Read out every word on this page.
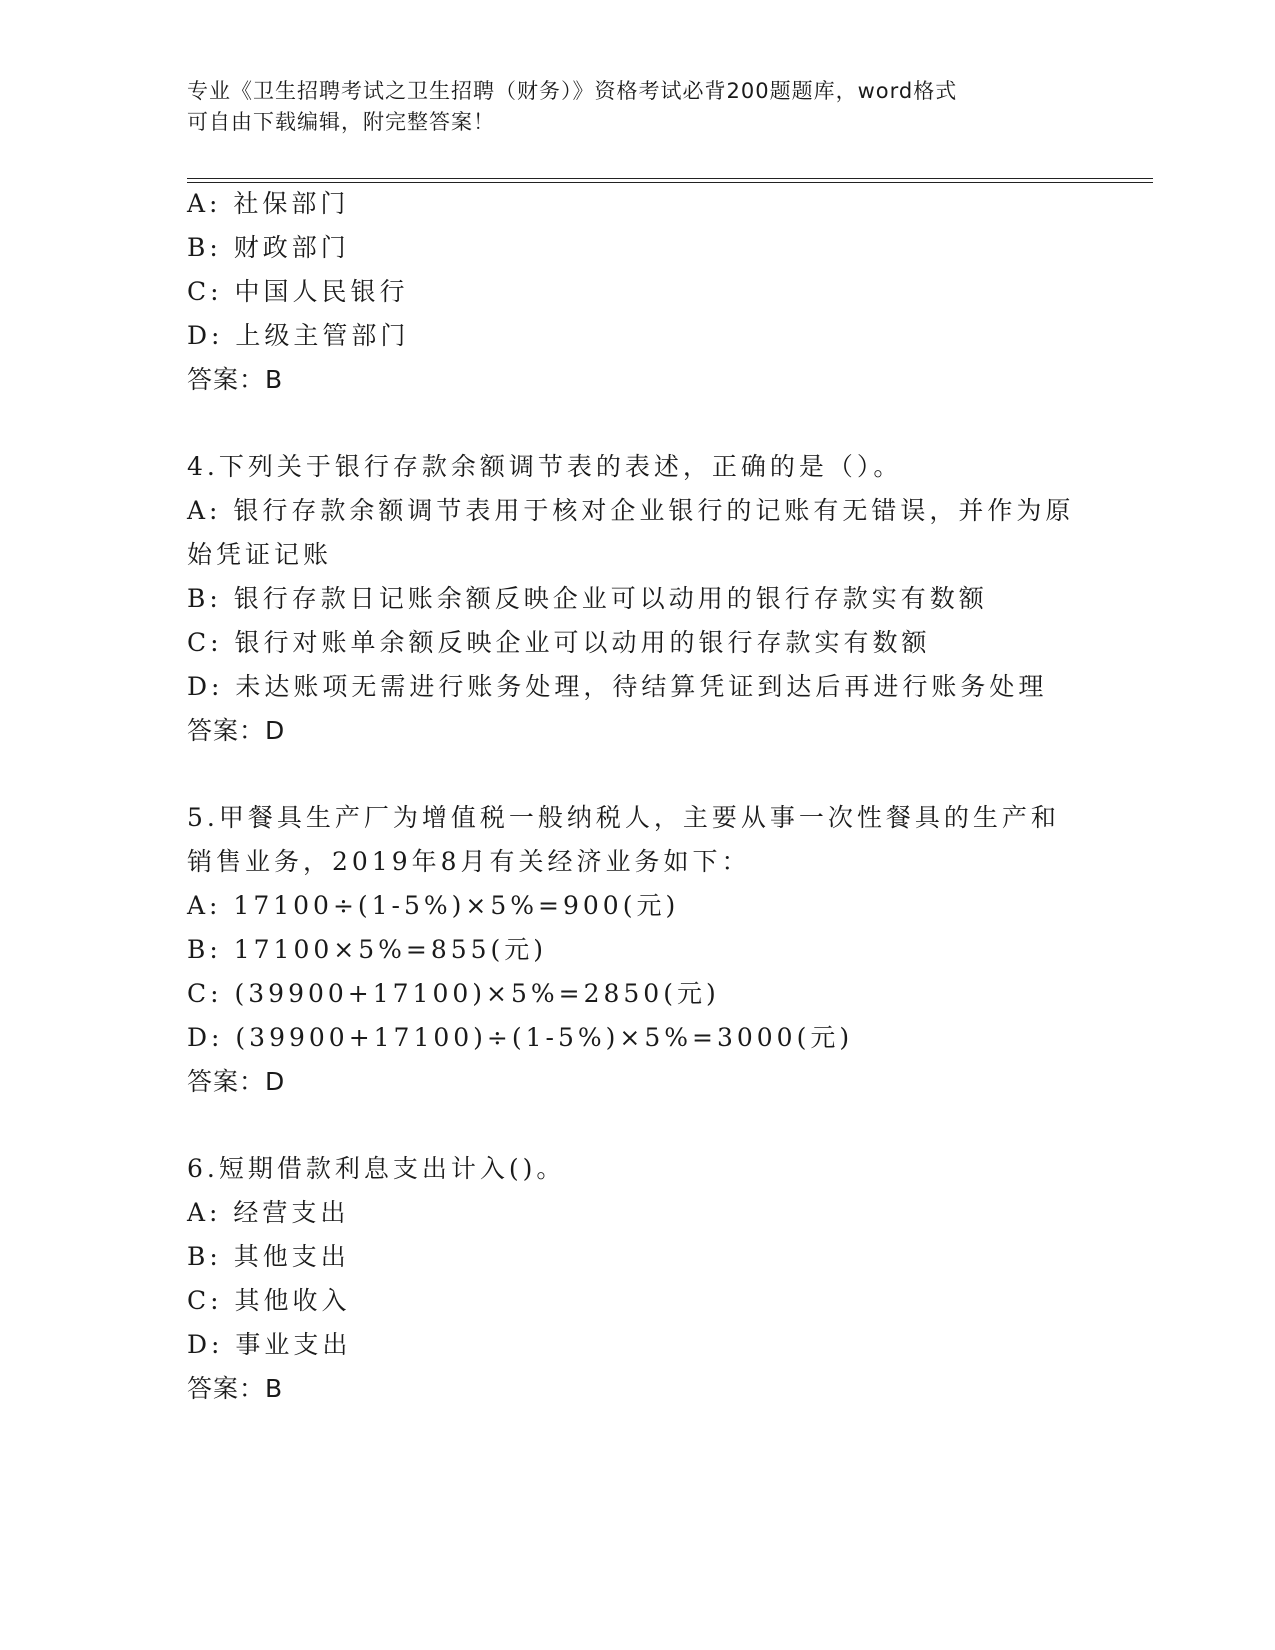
专业《卫生招聘考试之卫生招聘（财务）》资格考试必背200题题库，word格式
可自由下载编辑，附完整答案！
A: 社保部门
B: 财政部门
C: 中国人民银行
D: 上级主管部门
答案：B
4.下列关于银行存款余额调节表的表述，正确的是（）。
A: 银行存款余额调节表用于核对企业银行的记账有无错误，并作为原
始凭证记账
B: 银行存款日记账余额反映企业可以动用的银行存款实有数额
C: 银行对账单余额反映企业可以动用的银行存款实有数额
D: 未达账项无需进行账务处理，待结算凭证到达后再进行账务处理
答案：D
5.甲餐具生产厂为增值税一般纳税人，主要从事一次性餐具的生产和
销售业务，2019年8月有关经济业务如下：
A: 17100÷(1-5%)×5%=900(元)
B: 17100×5%=855(元)
C: (39900+17100)×5%=2850(元)
D: (39900+17100)÷(1-5%)×5%=3000(元)
答案：D
6.短期借款利息支出计入()。
A: 经营支出
B: 其他支出
C: 其他收入
D: 事业支出
答案：B
